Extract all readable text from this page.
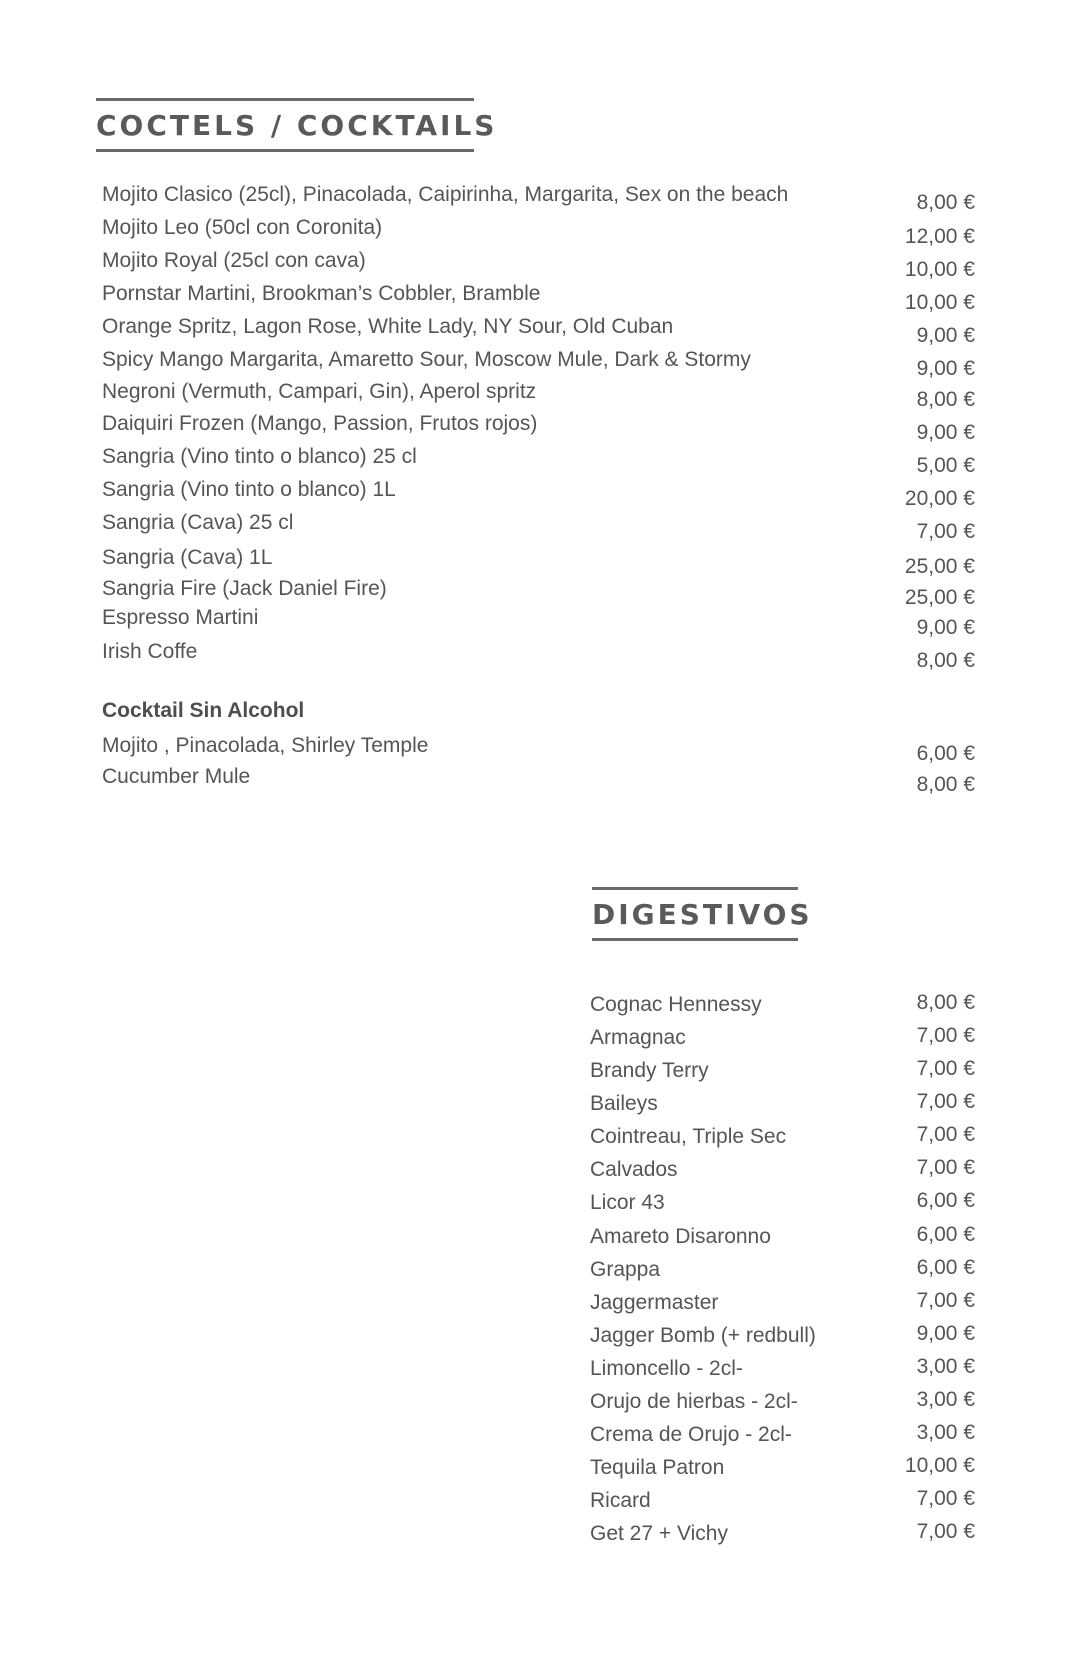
COCTELS / COCKTAILS
Mojito Clasico (25cl), Pinacolada, Caipirinha, Margarita, Sex on the beach	8,00 €
Mojito Leo (50cl con Coronita)	12,00 €
Mojito Royal (25cl con cava)	10,00 €
Pornstar Martini, Brookman’s Cobbler, Bramble	10,00 €
Orange Spritz, Lagon Rose, White Lady, NY Sour, Old Cuban	9,00 €
Spicy Mango Margarita, Amaretto Sour, Moscow Mule, Dark & Stormy	9,00 €
Negroni (Vermuth, Campari, Gin), Aperol spritz	8,00 €
Daiquiri Frozen (Mango, Passion, Frutos rojos)	9,00 €
Sangria (Vino tinto o blanco) 25 cl	5,00 €
Sangria (Vino tinto o blanco) 1L	20,00 €
Sangria (Cava) 25 cl	7,00 €
Sangria (Cava) 1L	25,00 €
Sangria Fire (Jack Daniel Fire)	25,00 €
Espresso Martini	9,00 €
Irish Coffe	8,00 €
Cocktail Sin Alcohol
Mojito , Pinacolada, Shirley Temple	6,00 €
Cucumber Mule	8,00 €
DIGESTIVOS
Cognac Hennessy	8,00 €
Armagnac	7,00 €
Brandy Terry	7,00 €
Baileys	7,00 €
Cointreau, Triple Sec	7,00 €
Calvados	7,00 €
Licor 43	6,00 €
Amareto Disaronno	6,00 €
Grappa	6,00 €
Jaggermaster	7,00 €
Jagger Bomb (+ redbull)	9,00 €
Limoncello - 2cl-	3,00 €
Orujo de hierbas - 2cl-	3,00 €
Crema de Orujo - 2cl-	3,00 €
Tequila Patron	10,00 €
Ricard	7,00 €
Get 27 + Vichy	7,00 €
